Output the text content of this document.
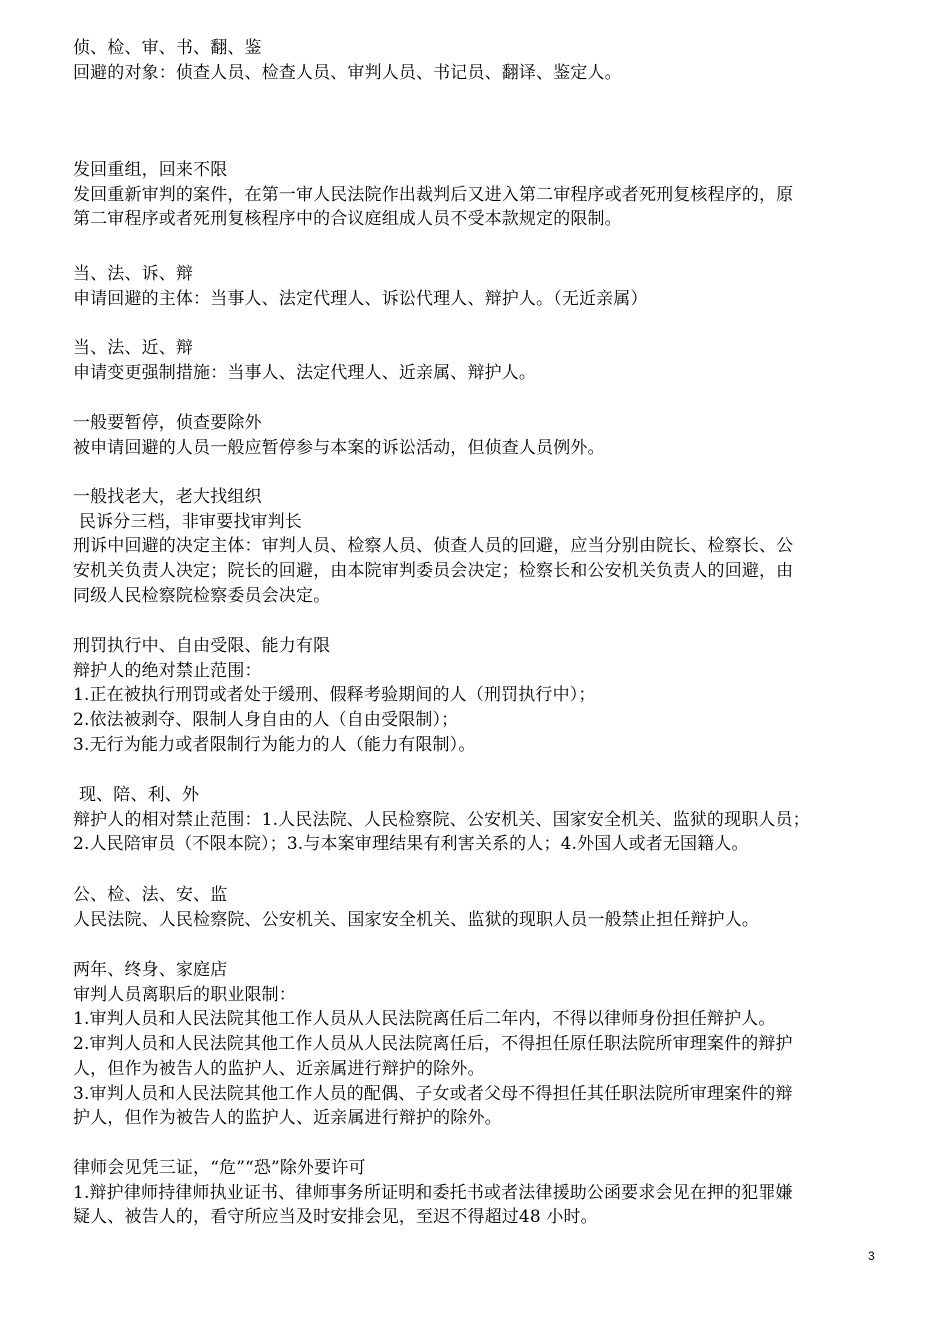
侦、检、审、书、翻、鉴
回避的对象：侦查人员、检查人员、审判人员、书记员、翻译、鉴定人。
发回重组，回来不限
发回重新审判的案件，在第一审人民法院作出裁判后又进入第二审程序或者死刑复核程序的，原
第二审程序或者死刑复核程序中的合议庭组成人员不受本款规定的限制。
当、法、诉、辩
申请回避的主体：当事人、法定代理人、诉讼代理人、辩护人。（无近亲属）
当、法、近、辩
申请变更强制措施：当事人、法定代理人、近亲属、辩护人。
一般要暂停，侦查要除外
被申请回避的人员一般应暂停参与本案的诉讼活动，但侦查人员例外。
一般找老大，老大找组织
民诉分三档，非审要找审判长
刑诉中回避的决定主体：审判人员、检察人员、侦查人员的回避，应当分别由院长、检察长、公
安机关负责人决定；院长的回避，由本院审判委员会决定；检察长和公安机关负责人的回避，由
同级人民检察院检察委员会决定。
刑罚执行中、自由受限、能力有限
辩护人的绝对禁止范围：
1.正在被执行刑罚或者处于缓刑、假释考验期间的人（刑罚执行中）；
2.依法被剥夺、限制人身自由的人（自由受限制）；
3.无行为能力或者限制行为能力的人（能力有限制）。
现、陪、利、外
辩护人的相对禁止范围：1.人民法院、人民检察院、公安机关、国家安全机关、监狱的现职人员；
2.人民陪审员（不限本院）；3.与本案审理结果有利害关系的人；4.外国人或者无国籍人。
公、检、法、安、监
人民法院、人民检察院、公安机关、国家安全机关、监狱的现职人员一般禁止担任辩护人。
两年、终身、家庭店
审判人员离职后的职业限制：
1.审判人员和人民法院其他工作人员从人民法院离任后二年内，不得以律师身份担任辩护人。
2.审判人员和人民法院其他工作人员从人民法院离任后，不得担任原任职法院所审理案件的辩护
人，但作为被告人的监护人、近亲属进行辩护的除外。
3.审判人员和人民法院其他工作人员的配偶、子女或者父母不得担任其任职法院所审理案件的辩
护人，但作为被告人的监护人、近亲属进行辩护的除外。
律师会见凭三证，“危”“恐”除外要许可
1.辩护律师持律师执业证书、律师事务所证明和委托书或者法律援助公函要求会见在押的犯罪嫌
疑人、被告人的，看守所应当及时安排会见，至迟不得超过48 小时。
3
